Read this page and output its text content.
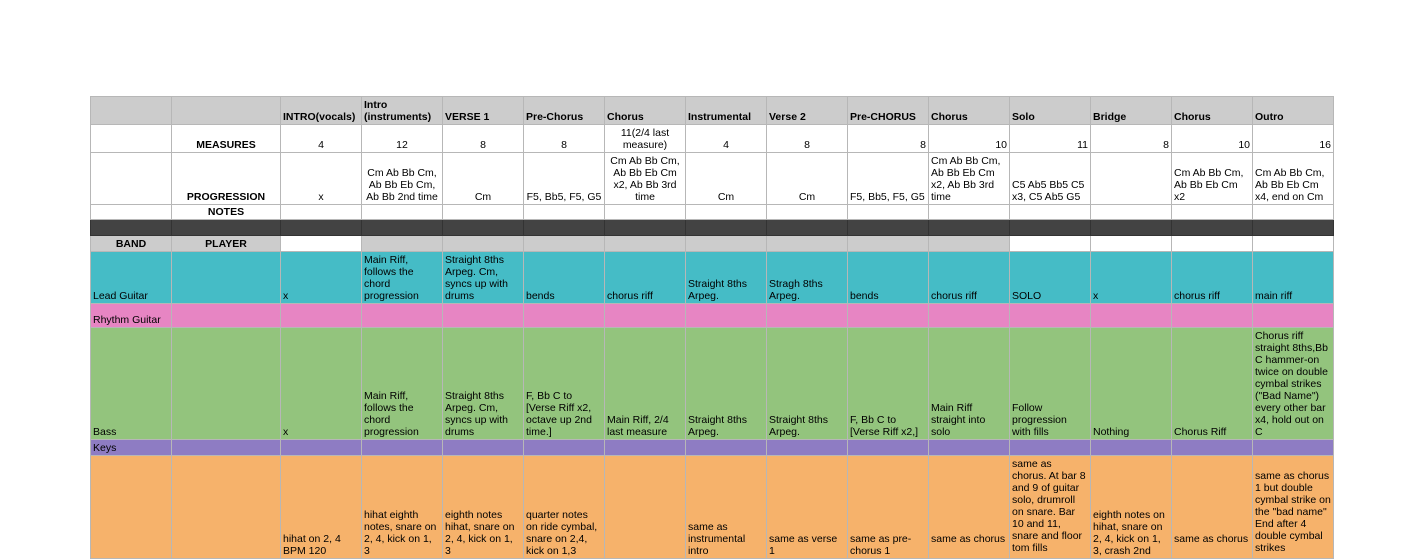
		INTRO(vocals)	Intro (instruments)	VERSE 1	Pre-Chorus	Chorus	Instrumental	Verse 2	Pre-CHORUS	Chorus	Solo	Bridge	Chorus	Outro
	MEASURES	4	12	8	8	11(2/4 last measure)	4	8	8	10	11	8	10	16
	PROGRESSION	x	Cm Ab Bb Cm, Ab Bb Eb Cm, Ab Bb 2nd time	Cm	F5, Bb5, F5, G5	Cm Ab Bb Cm, Ab Bb Eb Cm x2, Ab Bb 3rd time	Cm	Cm	F5, Bb5, F5, G5	Cm Ab Bb Cm, Ab Bb Eb Cm x2, Ab Bb 3rd time	C5 Ab5 Bb5 C5 x3, C5 Ab5 G5		Cm Ab Bb Cm, Ab Bb Eb Cm x2	Cm Ab Bb Cm, Ab Bb Eb Cm x4, end on Cm
	NOTES													

BAND	PLAYER													
Lead Guitar		x	Main Riff, follows the chord progression	Straight 8ths Arpeg. Cm, syncs up with drums	bends	chorus riff	Straight 8ths Arpeg.	Stragh 8ths Arpeg.	bends	chorus riff	SOLO	x	chorus riff	main riff
Rhythm Guitar														
Bass		x	Main Riff, follows the chord progression	Straight 8ths Arpeg. Cm, syncs up with drums	F, Bb C to [Verse Riff x2, octave up 2nd time.]	Main Riff, 2/4 last measure	Straight 8ths Arpeg.	Straight 8ths Arpeg.	F, Bb C to [Verse Riff x2,]	Main Riff straight into solo	Follow progression with fills	Nothing	Chorus Riff	Chorus riff straight 8ths,Bb C hammer-on twice on double cymbal strikes ("Bad Name") every other bar x4, hold out on C
Keys														
		hihat on 2, 4 BPM 120	hihat eighth notes, snare on 2, 4, kick on 1, 3	eighth notes hihat, snare on 2, 4, kick on 1, 3	quarter notes on ride cymbal, snare on 2,4, kick on 1,3		same as instrumental intro	same as verse 1	same as pre-chorus 1	same as chorus	same as chorus. At bar 8 and 9 of guitar solo, drumroll on snare. Bar 10 and 11, snare and floor tom fills	eighth notes on hihat, snare on 2, 4, kick on 1, 3, crash 2nd	same as chorus	same as chorus 1 but double cymbal strike on the "bad name" End after 4 double cymbal strikes
